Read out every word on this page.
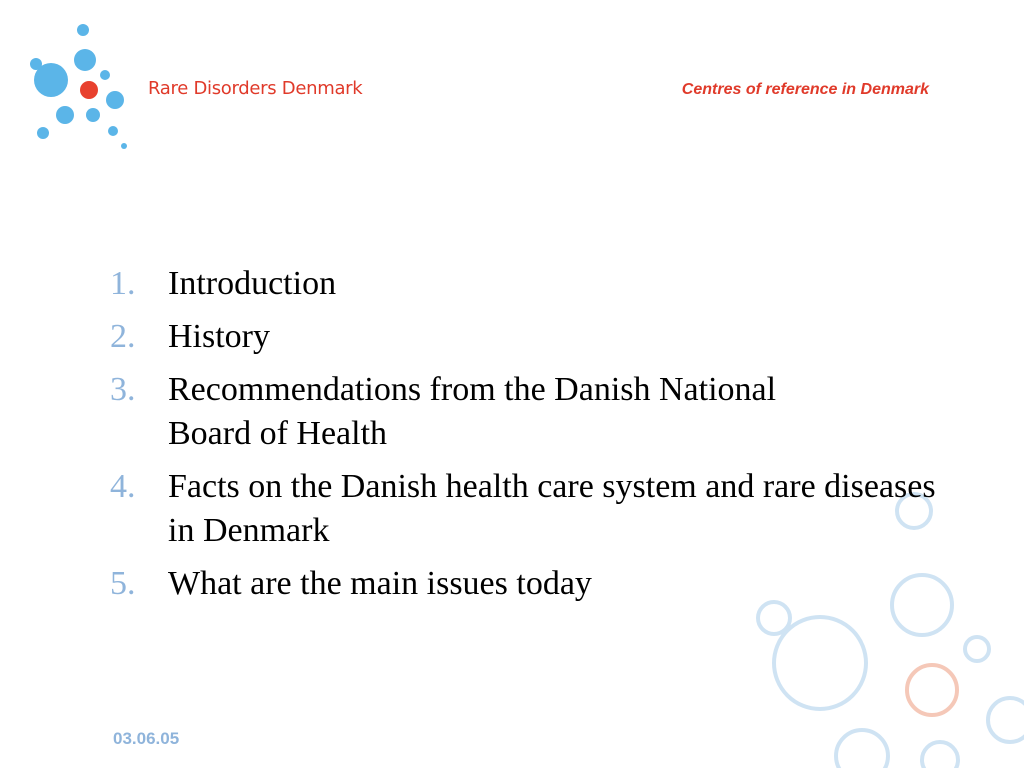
Rare Disorders Denmark	Centres of reference in Denmark
1. Introduction
2. History
3. Recommendations from the Danish National Board of Health
4. Facts on the Danish health care system and rare diseases in Denmark
5. What are the main issues today
03.06.05
